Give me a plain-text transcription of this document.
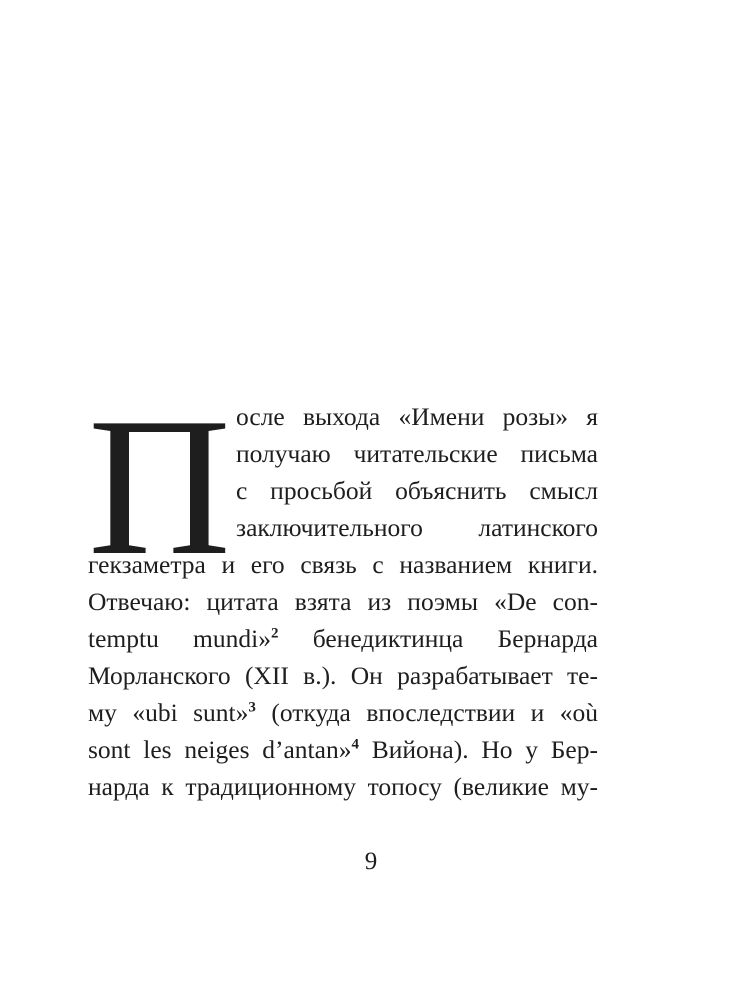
П осле выхода «Имени розы» я

получаю читательские письма

с просьбой объяснить смысл

заключительного латинского

гекзаметра и его связь с названием книги.

Отвечаю: цитата взята из поэмы «De con-

temptu mundi»$^2$ бенедиктинца Бернарда

Морланского (XII в.). Он разрабатывает те-

му «ubi sunt»$^3$ (откуда впоследствии и «où

sont les neiges d’antan»$^4$ Вийона). Но у Бер-

нарда к традиционному топосу (великие му-

9
